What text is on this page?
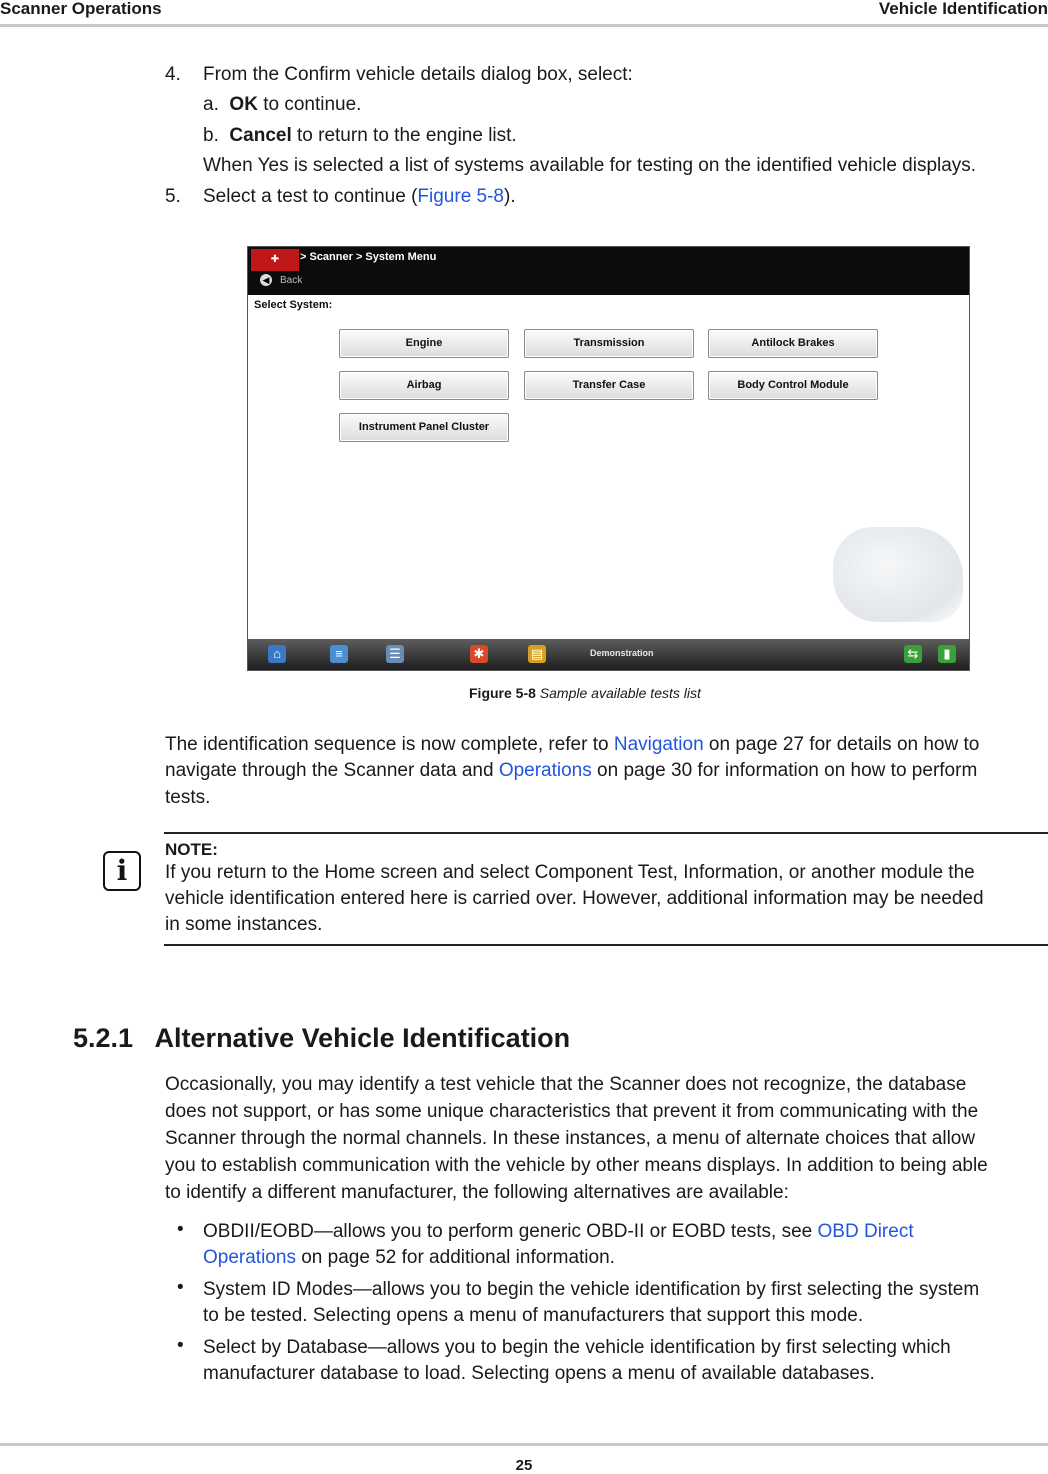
Scanner Operations	Vehicle Identification
4. From the Confirm vehicle details dialog box, select:
a. OK to continue.
b. Cancel to return to the engine list.
When Yes is selected a list of systems available for testing on the identified vehicle displays.
5. Select a test to continue (Figure 5-8).
✚	> Scanner > System Menu
◀ Back
Select System:
Engine	Transmission	Antilock Brakes
Airbag	Transfer Case	Body Control Module
Instrument Panel Cluster
⌂	≡	☰	✱	▤	Demonstration	⇆	▮
Figure 5-8 Sample available tests list
The identification sequence is now complete, refer to Navigation on page 27 for details on how to
navigate through the Scanner data and Operations on page 30 for information on how to perform
tests.
i
NOTE:
If you return to the Home screen and select Component Test, Information, or another module the
vehicle identification entered here is carried over. However, additional information may be needed
in some instances.
5.2.1   Alternative Vehicle Identification
Occasionally, you may identify a test vehicle that the Scanner does not recognize, the database
does not support, or has some unique characteristics that prevent it from communicating with the
Scanner through the normal channels. In these instances, a menu of alternate choices that allow
you to establish communication with the vehicle by other means displays. In addition to being able
to identify a different manufacturer, the following alternatives are available:
• OBDII/EOBD—allows you to perform generic OBD-II or EOBD tests, see OBD Direct
Operations on page 52 for additional information.
• System ID Modes—allows you to begin the vehicle identification by first selecting the system
to be tested. Selecting opens a menu of manufacturers that support this mode.
• Select by Database—allows you to begin the vehicle identification by first selecting which
manufacturer database to load. Selecting opens a menu of available databases.
25
